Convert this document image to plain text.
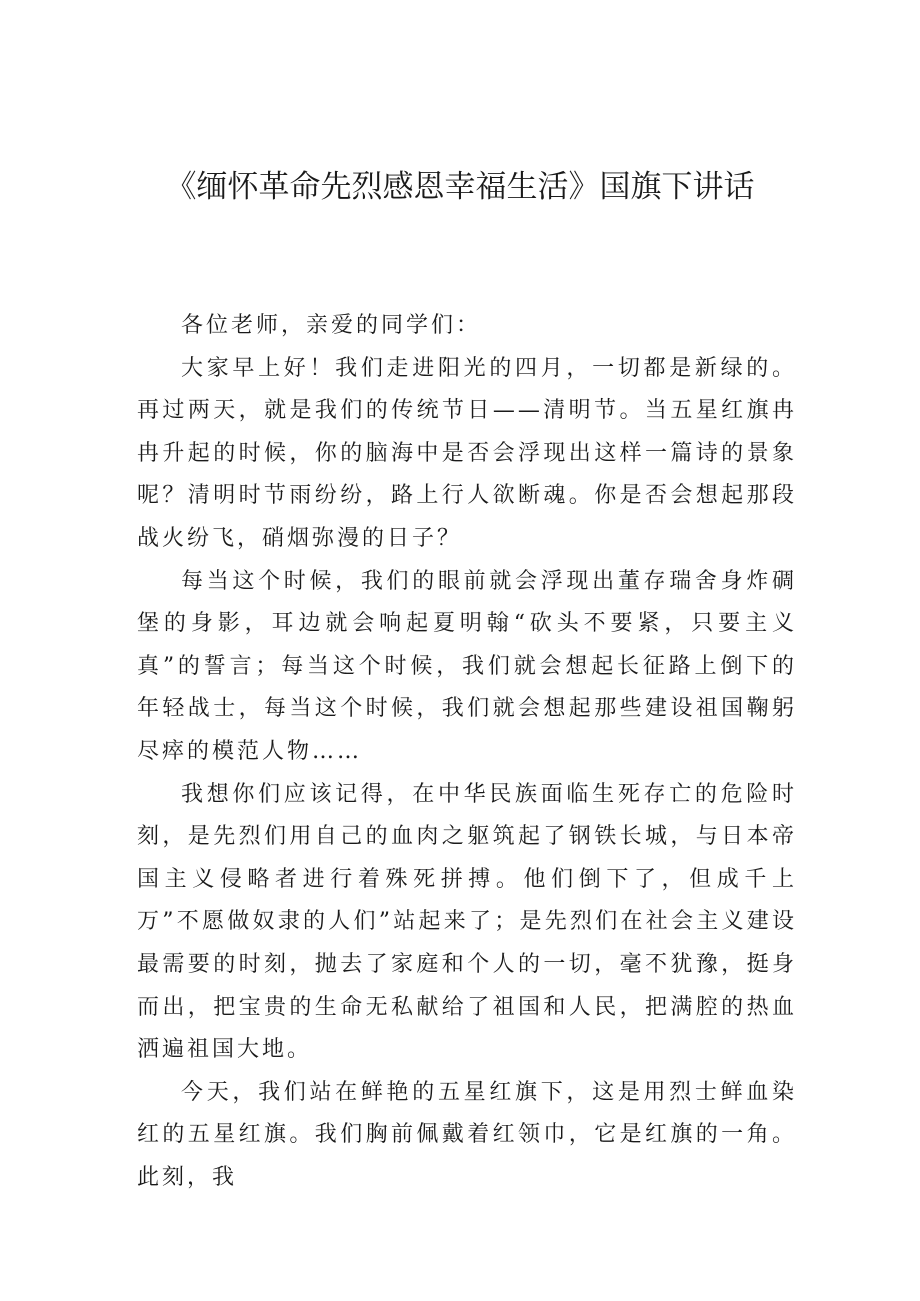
《缅怀革命先烈感恩幸福生活》国旗下讲话

各位老师，亲爱的同学们：

大家早上好！我们走进阳光的四月，一切都是新绿的。再过两天，就是我们的传统节日——清明节。当五星红旗冉冉升起的时候，你的脑海中是否会浮现出这样一篇诗的景象呢？清明时节雨纷纷，路上行人欲断魂。你是否会想起那段战火纷飞，硝烟弥漫的日子？

每当这个时候，我们的眼前就会浮现出董存瑞舍身炸碉堡的身影，耳边就会响起夏明翰“砍头不要紧，只要主义真”的誓言；每当这个时候，我们就会想起长征路上倒下的年轻战士，每当这个时候，我们就会想起那些建设祖国鞠躬尽瘁的模范人物……

我想你们应该记得，在中华民族面临生死存亡的危险时刻，是先烈们用自己的血肉之躯筑起了钢铁长城，与日本帝国主义侵略者进行着殊死拼搏。他们倒下了，但成千上万”不愿做奴隶的人们”站起来了；是先烈们在社会主义建设最需要的时刻，抛去了家庭和个人的一切，毫不犹豫，挺身而出，把宝贵的生命无私献给了祖国和人民，把满腔的热血洒遍祖国大地。

今天，我们站在鲜艳的五星红旗下，这是用烈士鲜血染红的五星红旗。我们胸前佩戴着红领巾，它是红旗的一角。此刻，我
